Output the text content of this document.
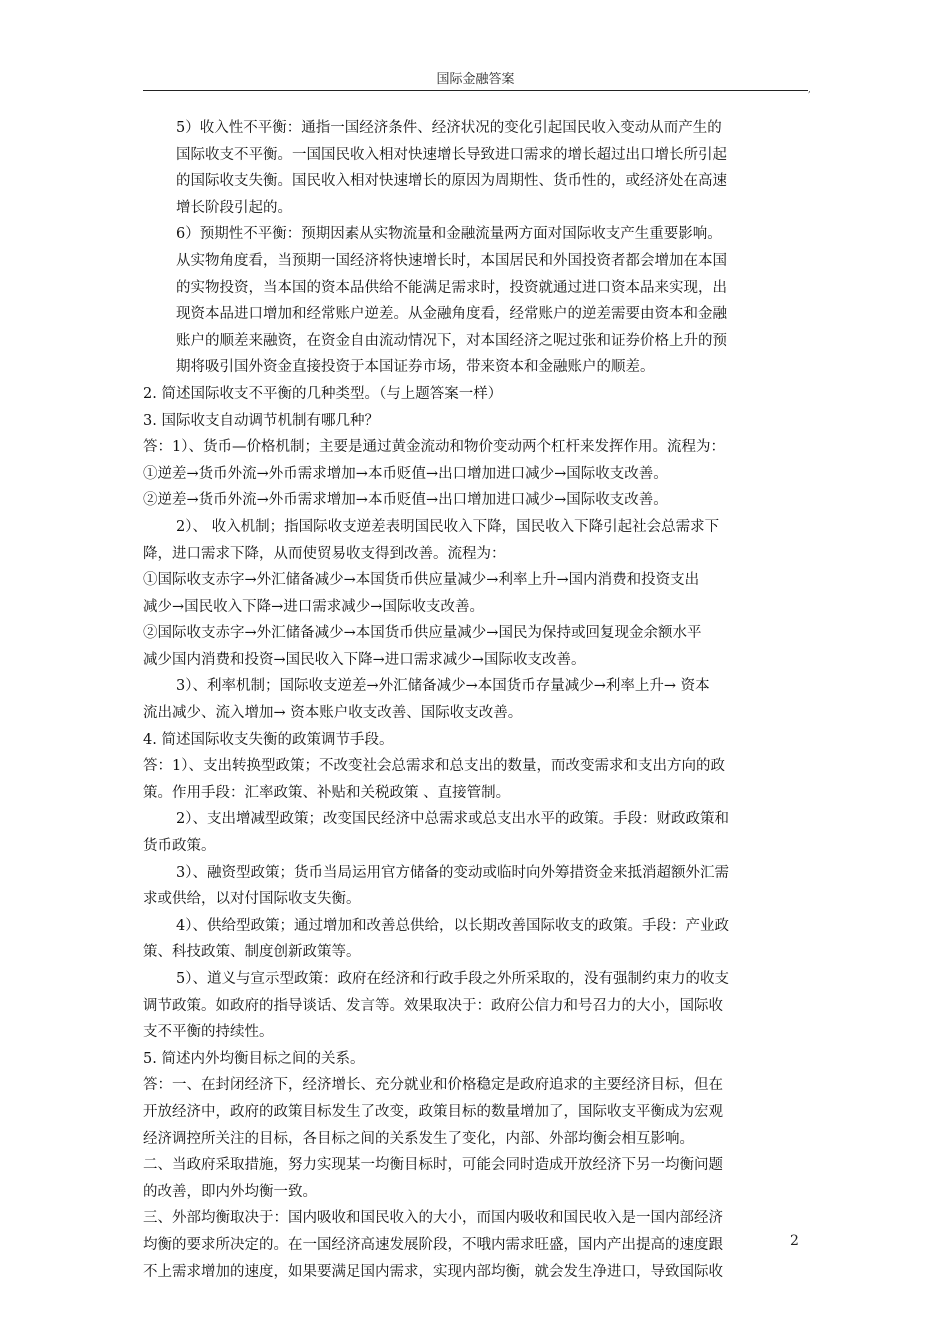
国际金融答案
,
5）收入性不平衡：通指一国经济条件、经济状况的变化引起国民收入变动从而产生的
国际收支不平衡。一国国民收入相对快速增长导致进口需求的增长超过出口增长所引起
的国际收支失衡。国民收入相对快速增长的原因为周期性、货币性的，或经济处在高速
增长阶段引起的。
6）预期性不平衡：预期因素从实物流量和金融流量两方面对国际收支产生重要影响。
从实物角度看，当预期一国经济将快速增长时，本国居民和外国投资者都会增加在本国
的实物投资，当本国的资本品供给不能满足需求时，投资就通过进口资本品来实现，出
现资本品进口增加和经常账户逆差。从金融角度看，经常账户的逆差需要由资本和金融
账户的顺差来融资，在资金自由流动情况下，对本国经济之呢过张和证券价格上升的预
期将吸引国外资金直接投资于本国证券市场，带来资本和金融账户的顺差。
2. 简述国际收支不平衡的几种类型。（与上题答案一样）
3. 国际收支自动调节机制有哪几种？
答：1）、货币—价格机制；主要是通过黄金流动和物价变动两个杠杆来发挥作用。流程为：
①逆差→货币外流→外币需求增加→本币贬值→出口增加进口减少→国际收支改善。
②逆差→货币外流→外币需求增加→本币贬值→出口增加进口减少→国际收支改善。
2）、 收入机制；指国际收支逆差表明国民收入下降，国民收入下降引起社会总需求下
降，进口需求下降，从而使贸易收支得到改善。流程为：
①国际收支赤字→外汇储备减少→本国货币供应量减少→利率上升→国内消费和投资支出
减少→国民收入下降→进口需求减少→国际收支改善。
②国际收支赤字→外汇储备减少→本国货币供应量减少→国民为保持或回复现金余额水平
减少国内消费和投资→国民收入下降→进口需求减少→国际收支改善。
3）、利率机制；国际收支逆差→外汇储备减少→本国货币存量减少→利率上升→ 资本
流出减少、流入增加→ 资本账户收支改善、国际收支改善。
4. 简述国际收支失衡的政策调节手段。
答：1）、支出转换型政策；不改变社会总需求和总支出的数量，而改变需求和支出方向的政
策。作用手段：汇率政策、补贴和关税政策 、直接管制。
2）、支出增减型政策；改变国民经济中总需求或总支出水平的政策。手段：财政政策和
货币政策。
3）、融资型政策；货币当局运用官方储备的变动或临时向外筹措资金来抵消超额外汇需
求或供给，以对付国际收支失衡。
4）、供给型政策；通过增加和改善总供给，以长期改善国际收支的政策。手段：产业政
策、科技政策、制度创新政策等。
5）、道义与宣示型政策：政府在经济和行政手段之外所采取的，没有强制约束力的收支
调节政策。如政府的指导谈话、发言等。效果取决于：政府公信力和号召力的大小，国际收
支不平衡的持续性。
5. 简述内外均衡目标之间的关系。
答：一、在封闭经济下，经济增长、充分就业和价格稳定是政府追求的主要经济目标，但在
开放经济中，政府的政策目标发生了改变，政策目标的数量增加了，国际收支平衡成为宏观
经济调控所关注的目标，各目标之间的关系发生了变化，内部、外部均衡会相互影响。
二、当政府采取措施，努力实现某一均衡目标时，可能会同时造成开放经济下另一均衡问题
的改善，即内外均衡一致。
三、外部均衡取决于：国内吸收和国民收入的大小，而国内吸收和国民收入是一国内部经济
均衡的要求所决定的。在一国经济高速发展阶段，不哦内需求旺盛，国内产出提高的速度跟
不上需求增加的速度，如果要满足国内需求，实现内部均衡，就会发生净进口，导致国际收
2
